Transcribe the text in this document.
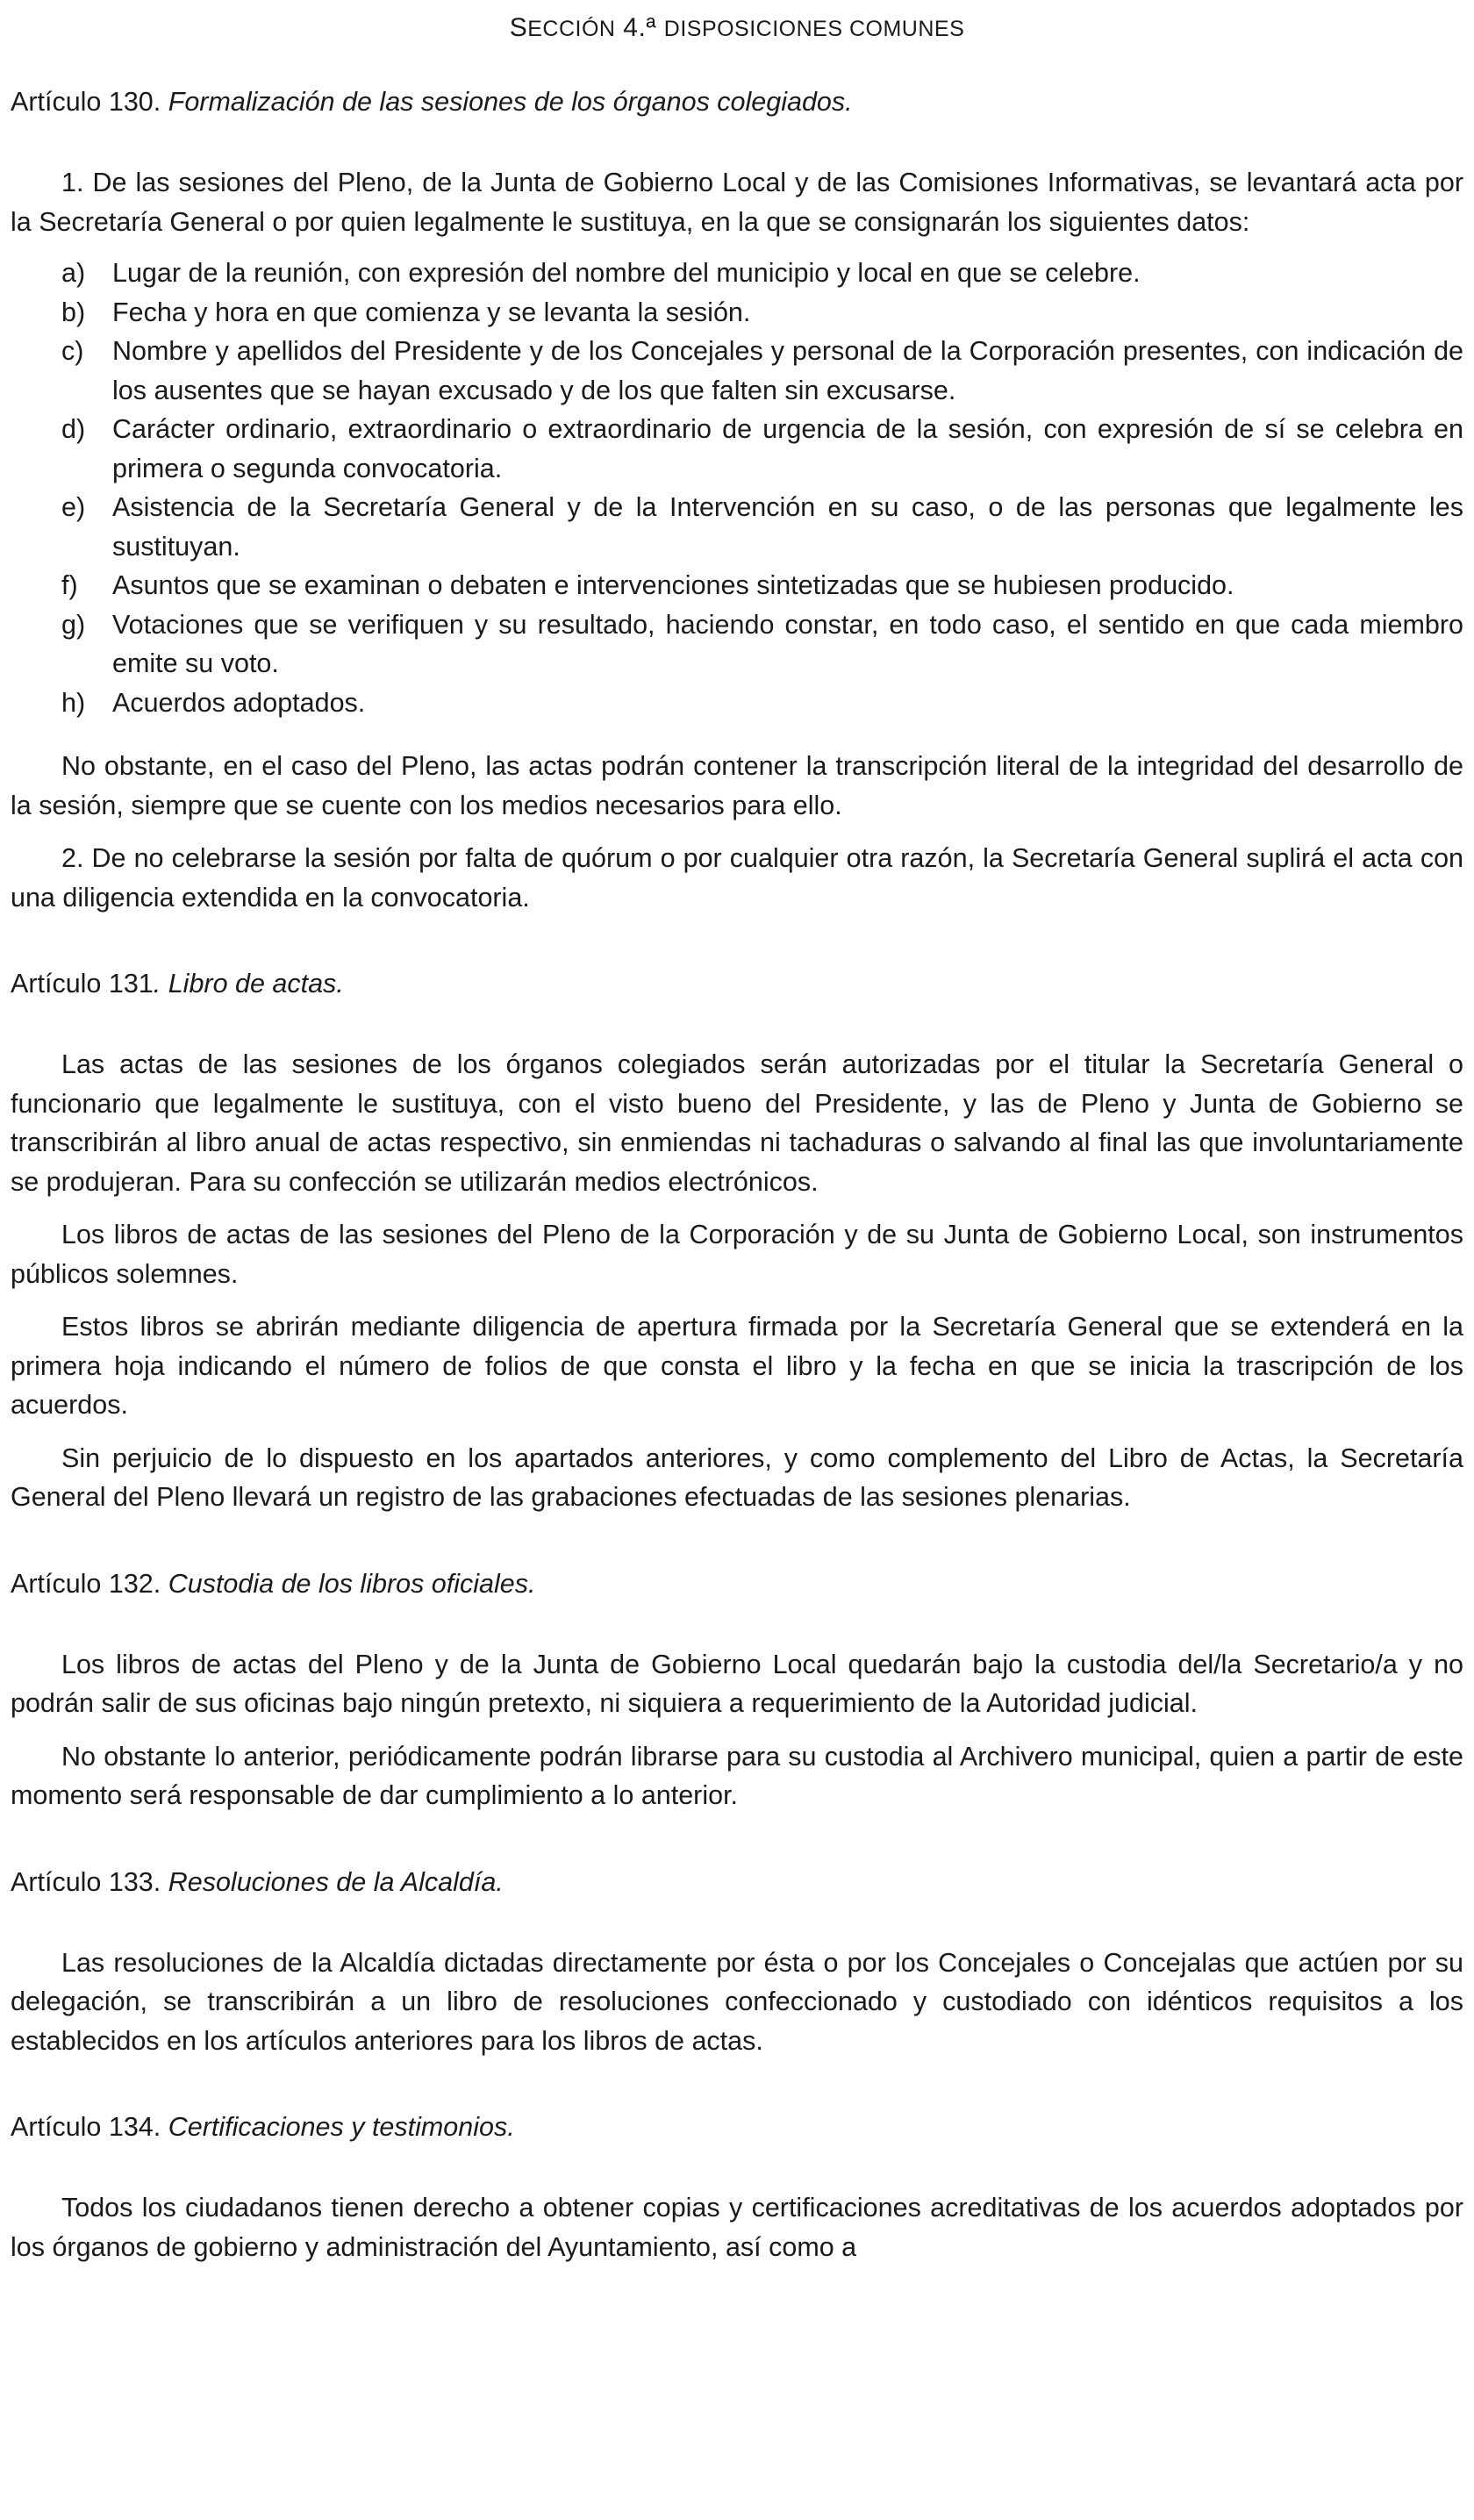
SECCIÓN 4.ª DISPOSICIONES COMUNES

Artículo 130. Formalización de las sesiones de los órganos colegiados.

1. De las sesiones del Pleno, de la Junta de Gobierno Local y de las Comisiones Informativas, se levantará acta por la Secretaría General o por quien legalmente le sustituya, en la que se consignarán los siguientes datos:

a) Lugar de la reunión, con expresión del nombre del municipio y local en que se celebre.
b) Fecha y hora en que comienza y se levanta la sesión.
c) Nombre y apellidos del Presidente y de los Concejales y personal de la Corporación presentes, con indicación de los ausentes que se hayan excusado y de los que falten sin excusarse.
d) Carácter ordinario, extraordinario o extraordinario de urgencia de la sesión, con expresión de sí se celebra en primera o segunda convocatoria.
e) Asistencia de la Secretaría General y de la Intervención en su caso, o de las personas que legalmente les sustituyan.
f) Asuntos que se examinan o debaten e intervenciones sintetizadas que se hubiesen producido.
g) Votaciones que se verifiquen y su resultado, haciendo constar, en todo caso, el sentido en que cada miembro emite su voto.
h) Acuerdos adoptados.

No obstante, en el caso del Pleno, las actas podrán contener la transcripción literal de la integridad del desarrollo de la sesión, siempre que se cuente con los medios necesarios para ello.

2. De no celebrarse la sesión por falta de quórum o por cualquier otra razón, la Secretaría General suplirá el acta con una diligencia extendida en la convocatoria.

Artículo 131. Libro de actas.

Las actas de las sesiones de los órganos colegiados serán autorizadas por el titular la Secretaría General o funcionario que legalmente le sustituya, con el visto bueno del Presidente, y las de Pleno y Junta de Gobierno se transcribirán al libro anual de actas respectivo, sin enmiendas ni tachaduras o salvando al final las que involuntariamente se produjeran. Para su confección se utilizarán medios electrónicos.

Los libros de actas de las sesiones del Pleno de la Corporación y de su Junta de Gobierno Local, son instrumentos públicos solemnes.

Estos libros se abrirán mediante diligencia de apertura firmada por la Secretaría General que se extenderá en la primera hoja indicando el número de folios de que consta el libro y la fecha en que se inicia la trascripción de los acuerdos.

Sin perjuicio de lo dispuesto en los apartados anteriores, y como complemento del Libro de Actas, la Secretaría General del Pleno llevará un registro de las grabaciones efectuadas de las sesiones plenarias.

Artículo 132. Custodia de los libros oficiales.

Los libros de actas del Pleno y de la Junta de Gobierno Local quedarán bajo la custodia del/la Secretario/a y no podrán salir de sus oficinas bajo ningún pretexto, ni siquiera a requerimiento de la Autoridad judicial.

No obstante lo anterior, periódicamente podrán librarse para su custodia al Archivero municipal, quien a partir de este momento será responsable de dar cumplimiento a lo anterior.

Artículo 133. Resoluciones de la Alcaldía.

Las resoluciones de la Alcaldía dictadas directamente por ésta o por los Concejales o Concejalas que actúen por su delegación, se transcribirán a un libro de resoluciones confeccionado y custodiado con idénticos requisitos a los establecidos en los artículos anteriores para los libros de actas.

Artículo 134. Certificaciones y testimonios.

Todos los ciudadanos tienen derecho a obtener copias y certificaciones acreditativas de los acuerdos adoptados por los órganos de gobierno y administración del Ayuntamiento, así como a
